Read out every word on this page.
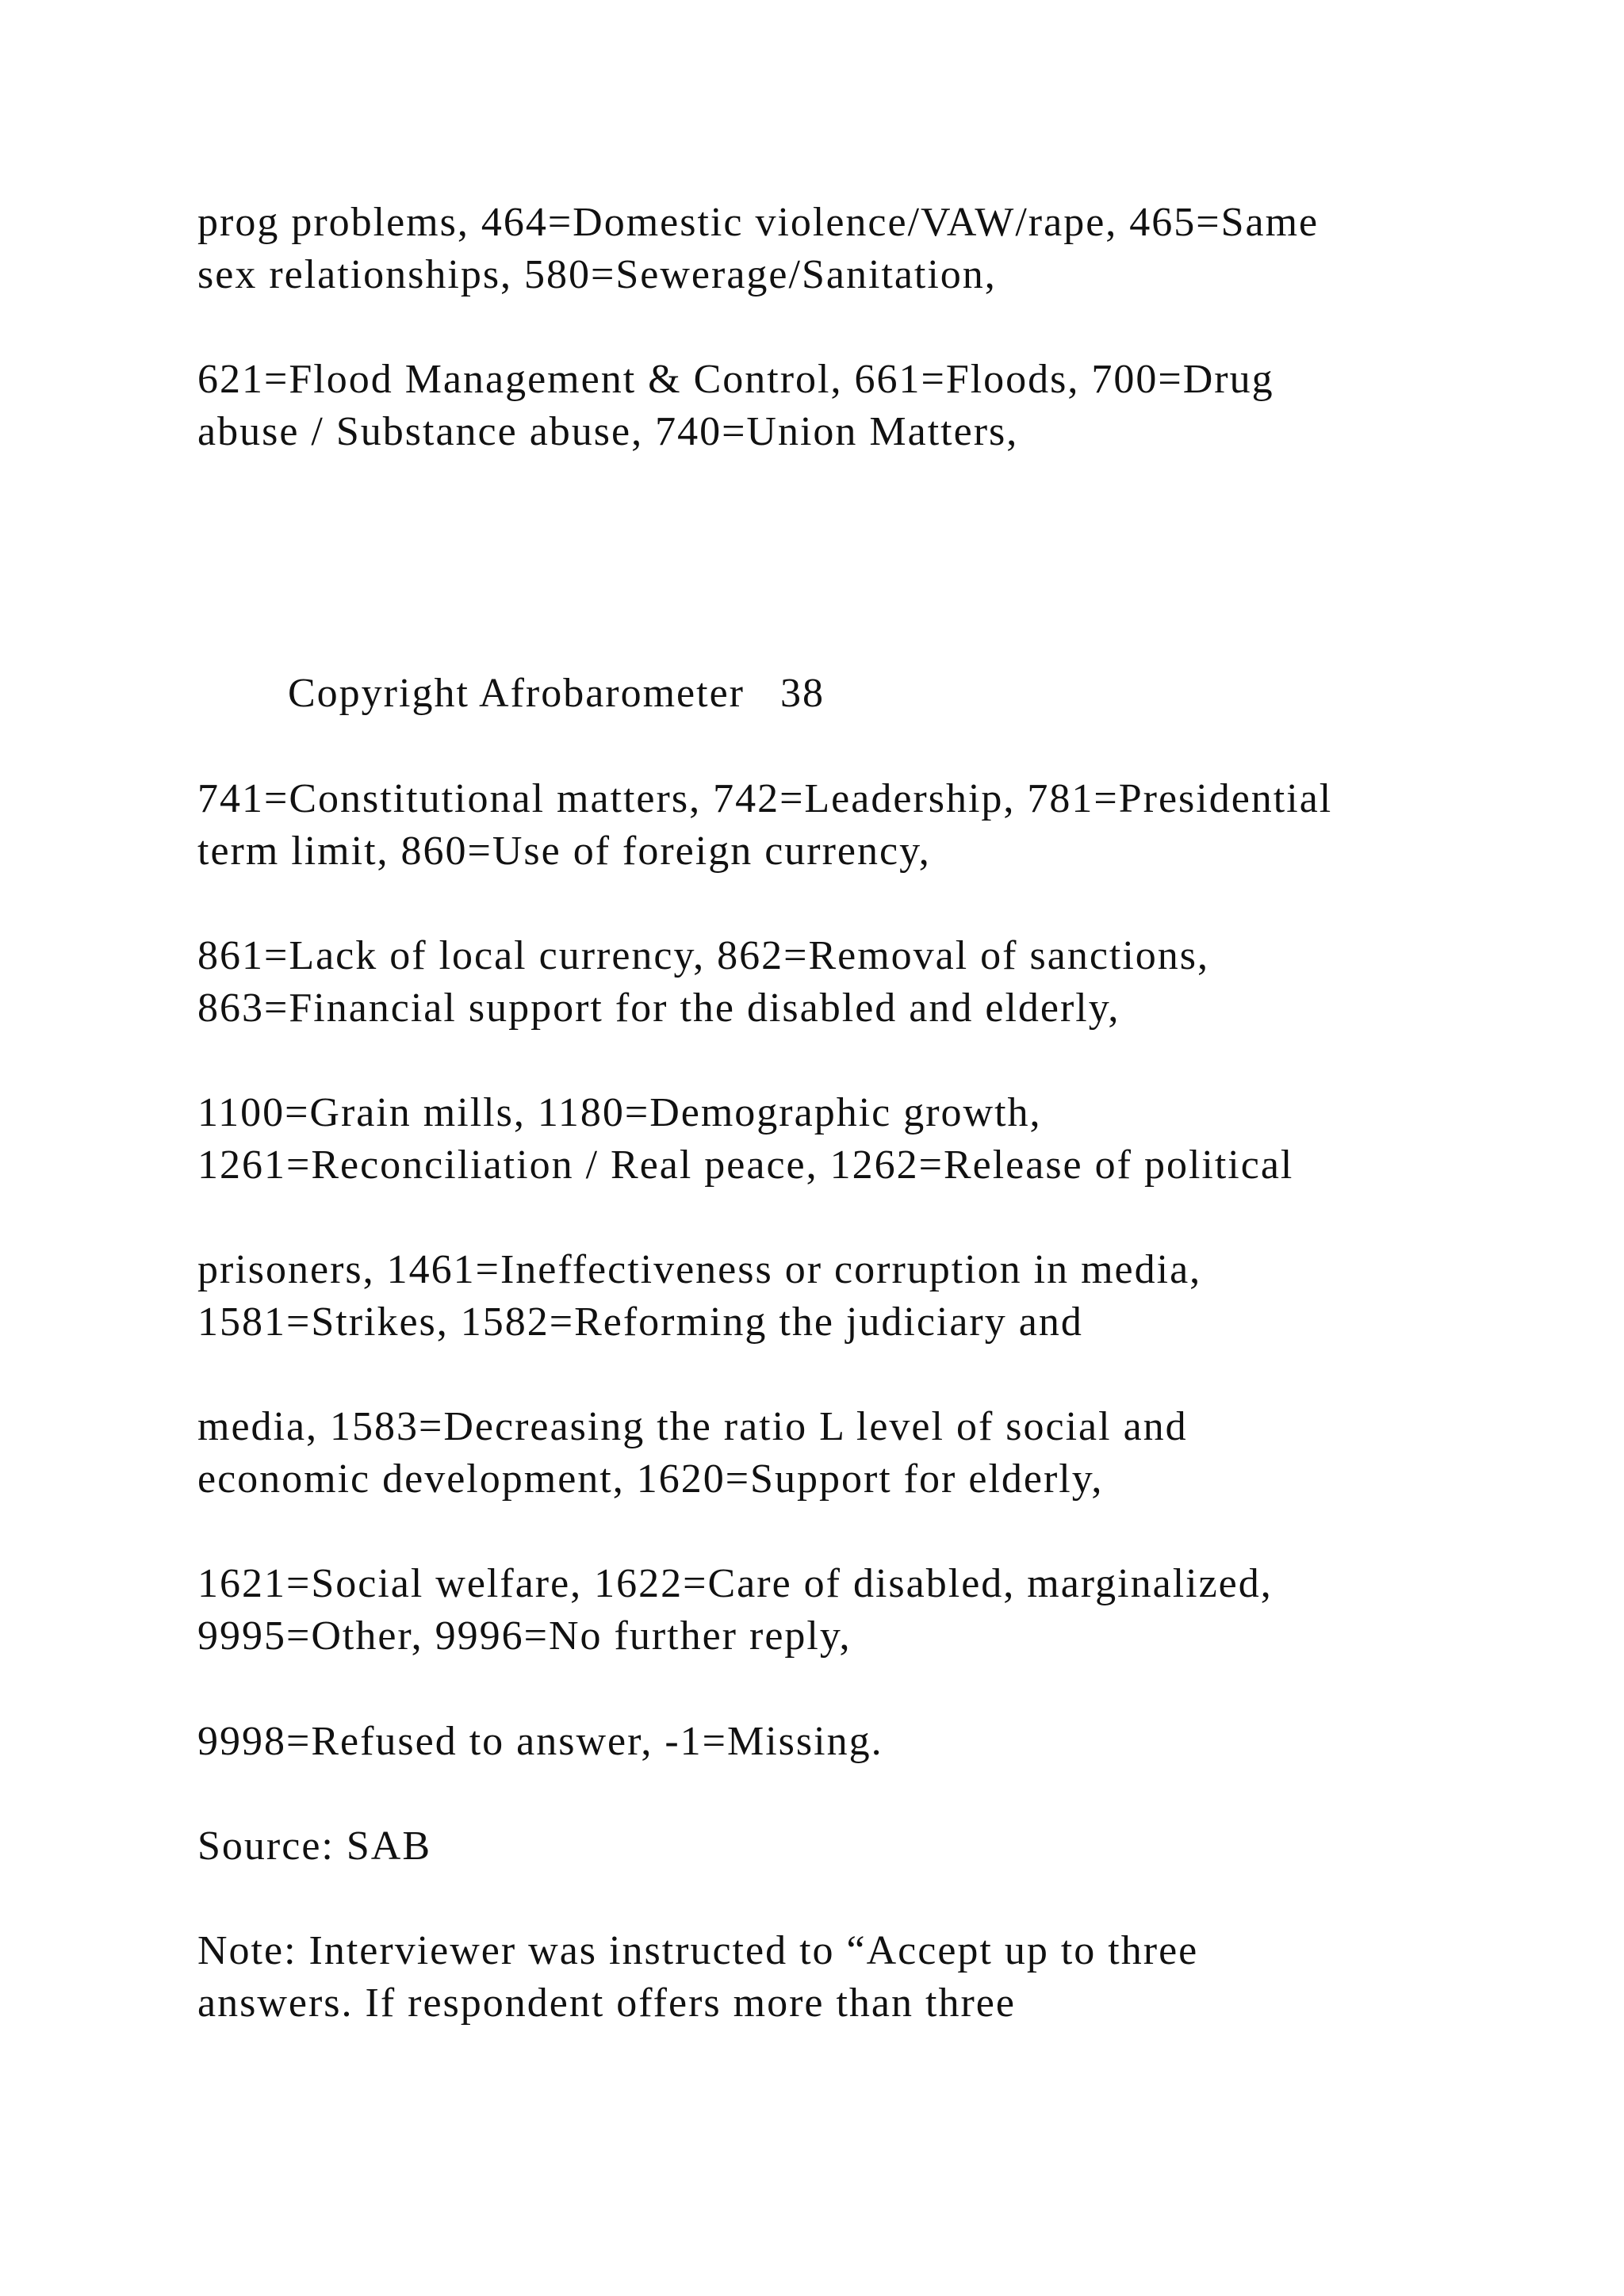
prog problems, 464=Domestic violence/VAW/rape, 465=Same
sex relationships, 580=Sewerage/Sanitation,

621=Flood Management & Control, 661=Floods, 700=Drug
abuse / Substance abuse, 740=Union Matters,

Copyright Afrobarometer   38

741=Constitutional matters, 742=Leadership, 781=Presidential
term limit, 860=Use of foreign currency,

861=Lack of local currency, 862=Removal of sanctions,
863=Financial support for the disabled and elderly,

1100=Grain mills, 1180=Demographic growth,
1261=Reconciliation / Real peace, 1262=Release of political

prisoners, 1461=Ineffectiveness or corruption in media,
1581=Strikes, 1582=Reforming the judiciary and

media, 1583=Decreasing the ratio L level of social and
economic development, 1620=Support for elderly,

1621=Social welfare, 1622=Care of disabled, marginalized,
9995=Other, 9996=No further reply,

9998=Refused to answer, -1=Missing.

Source: SAB

Note: Interviewer was instructed to “Accept up to three
answers. If respondent offers more than three
